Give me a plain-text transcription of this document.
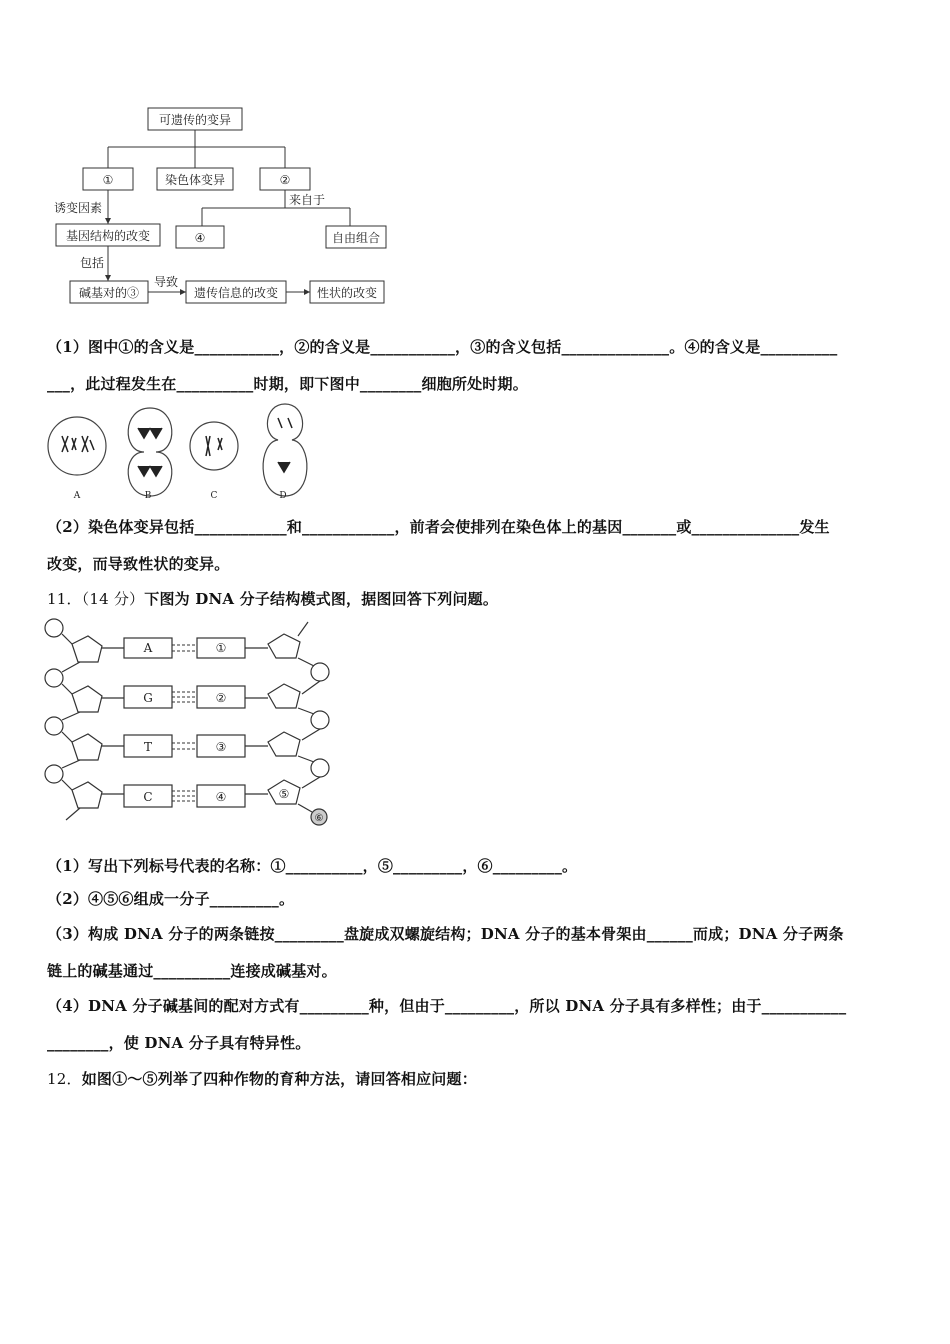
可遗传的变异
①	染色体变异	②
诱变因素
来自于
基因结构的改变	④	自由组合
包括
碱基对的③
导致
遗传信息的改变	性状的改变
（1）图中①的含义是___________，②的含义是___________，③的含义包括______________。④的含义是__________
___，此过程发生在__________时期，即下图中________细胞所处时期。
A	B	C	D
（2）染色体变异包括____________和____________，前者会使排列在染色体上的基因_______或______________发生
改变，而导致性状的变异。
11．（14 分）下图为 DNA 分子结构模式图，据图回答下列问题。
A
G
T
C
①
②
③
④	⑤
⑥
（1）写出下列标号代表的名称：①__________，⑤_________，⑥_________。
（2）④⑤⑥组成一分子_________。
（3）构成 DNA 分子的两条链按_________盘旋成双螺旋结构；DNA 分子的基本骨架由______而成；DNA 分子两条
链上的碱基通过__________连接成碱基对。
（4）DNA 分子碱基间的配对方式有_________种，但由于_________，所以 DNA 分子具有多样性；由于___________
________，使 DNA 分子具有特异性。
12．如图①～⑤列举了四种作物的育种方法，请回答相应问题：
